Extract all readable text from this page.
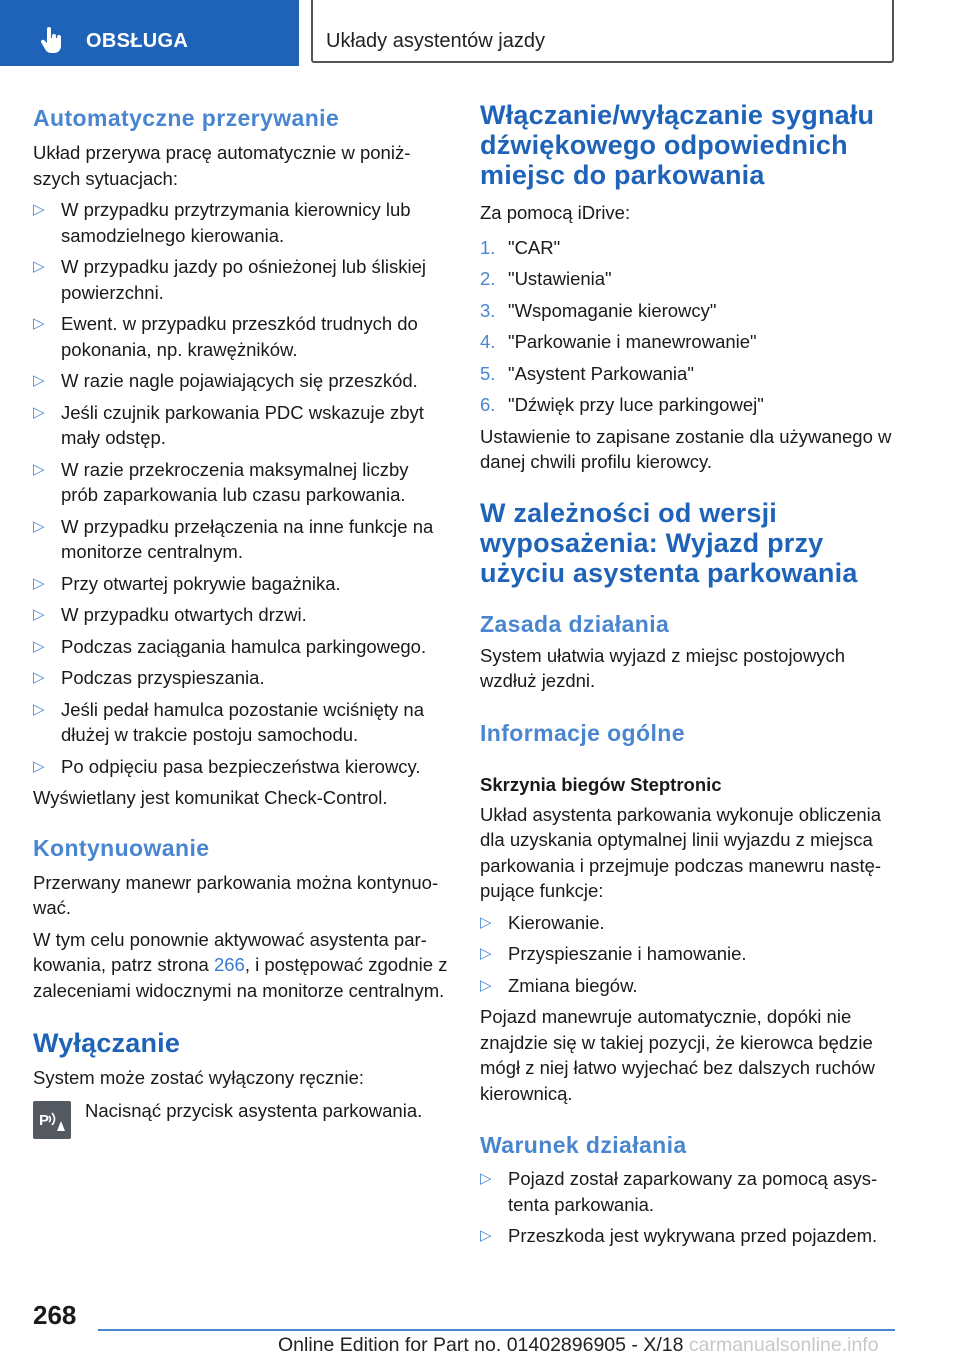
OBSŁUGA	Układy asystentów jazdy
Automatyczne przerywanie

Układ przerywa pracę automatycznie w poniższych sytuacjach:

▷ W przypadku przytrzymania kierownicy lub samodzielnego kierowania.
▷ W przypadku jazdy po ośnieżonej lub śliskiej powierzchni.
▷ Ewent. w przypadku przeszkód trudnych do pokonania, np. krawężników.
▷ W razie nagle pojawiających się przeszkód.
▷ Jeśli czujnik parkowania PDC wskazuje zbyt mały odstęp.
▷ W razie przekroczenia maksymalnej liczby prób zaparkowania lub czasu parkowania.
▷ W przypadku przełączenia na inne funkcje na monitorze centralnym.
▷ Przy otwartej pokrywie bagażnika.
▷ W przypadku otwartych drzwi.
▷ Podczas zaciągania hamulca parkingowego.
▷ Podczas przyspieszania.
▷ Jeśli pedał hamulca pozostanie wciśnięty na dłużej w trakcie postoju samochodu.
▷ Po odpięciu pasa bezpieczeństwa kierowcy.

Wyświetlany jest komunikat Check-Control.

Kontynuowanie

Przerwany manewr parkowania można kontynuować.

W tym celu ponownie aktywować asystenta parkowania, patrz strona 266, i postępować zgodnie z zaleceniami widocznymi na monitorze centralnym.

Wyłączanie

System może zostać wyłączony ręcznie:

P Nacisnąć przycisk asystenta parkowania.

Włączanie/wyłączanie sygnału dźwiękowego odpowiednich miejsc do parkowania

Za pomocą iDrive:

1. "CAR"
2. "Ustawienia"
3. "Wspomaganie kierowcy"
4. "Parkowanie i manewrowanie"
5. "Asystent Parkowania"
6. "Dźwięk przy luce parkingowej"

Ustawienie to zapisane zostanie dla używanego w danej chwili profilu kierowcy.

W zależności od wersji wyposażenia: Wyjazd przy użyciu asystenta parkowania
Zasada działania

System ułatwia wyjazd z miejsc postojowych wzdłuż jezdni.

Informacje ogólne
Skrzynia biegów Steptronic

Układ asystenta parkowania wykonuje obliczenia dla uzyskania optymalnej linii wyjazdu z miejsca parkowania i przejmuje podczas manewru następujące funkcje:

▷ Kierowanie.
▷ Przyspieszanie i hamowanie.
▷ Zmiana biegów.

Pojazd manewruje automatycznie, dopóki nie znajdzie się w takiej pozycji, że kierowca będzie mógł z niej łatwo wyjechać bez dalszych ruchów kierownicą.

Warunek działania
▷ Pojazd został zaparkowany za pomocą asystenta parkowania.
▷ Przeszkoda jest wykrywana przed pojazdem.
268
Online Edition for Part no. 01402896905 - X/18 carmanualsonline.info
